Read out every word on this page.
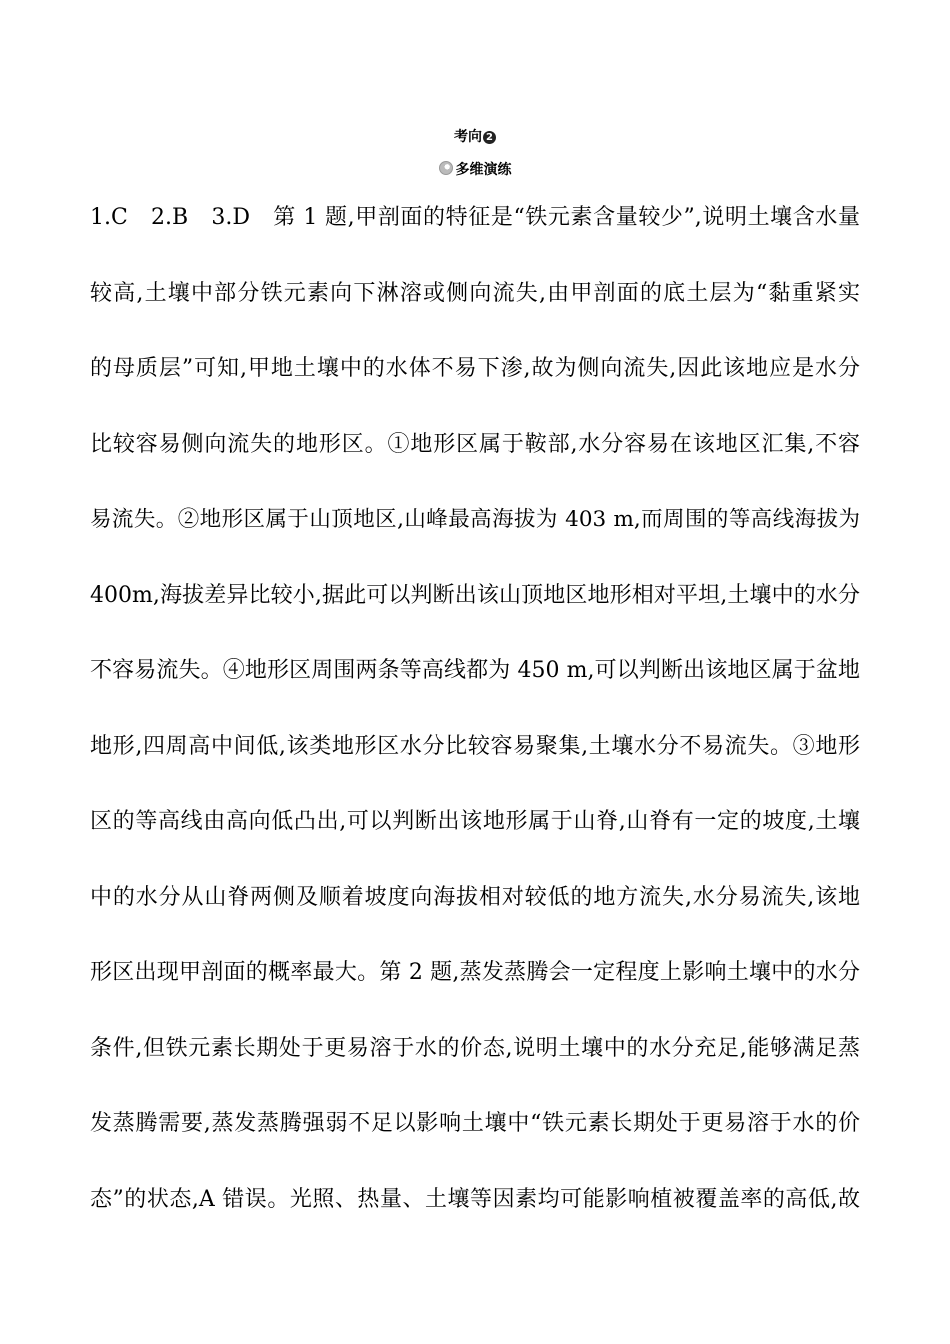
考向 2
多维演练
1.C　2.B　3.D　第 1 题,甲剖面的特征是“铁元素含量较少”,说明土壤含水量
较高,土壤中部分铁元素向下淋溶或侧向流失,由甲剖面的底土层为“黏重紧实
的母质层”可知,甲地土壤中的水体不易下渗,故为侧向流失,因此该地应是水分
比较容易侧向流失的地形区。①地形区属于鞍部,水分容易在该地区汇集,不容
易流失。②地形区属于山顶地区,山峰最高海拔为 403 m,而周围的等高线海拔为
400m,海拔差异比较小,据此可以判断出该山顶地区地形相对平坦,土壤中的水分
不容易流失。④地形区周围两条等高线都为 450 m,可以判断出该地区属于盆地
地形,四周高中间低,该类地形区水分比较容易聚集,土壤水分不易流失。③地形
区的等高线由高向低凸出,可以判断出该地形属于山脊,山脊有一定的坡度,土壤
中的水分从山脊两侧及顺着坡度向海拔相对较低的地方流失,水分易流失,该地
形区出现甲剖面的概率最大。第 2 题,蒸发蒸腾会一定程度上影响土壤中的水分
条件,但铁元素长期处于更易溶于水的价态,说明土壤中的水分充足,能够满足蒸
发蒸腾需要,蒸发蒸腾强弱不足以影响土壤中“铁元素长期处于更易溶于水的价
态”的状态,A 错误。光照、热量、土壤等因素均可能影响植被覆盖率的高低,故
